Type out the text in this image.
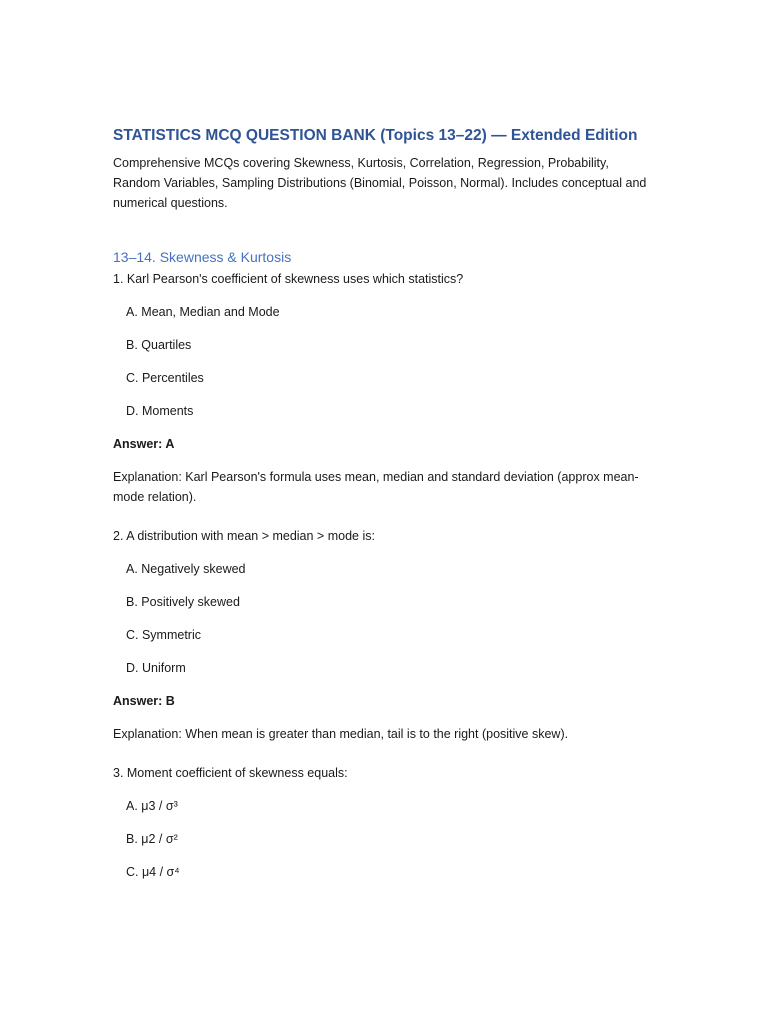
STATISTICS MCQ QUESTION BANK (Topics 13–22) — Extended Edition

Comprehensive MCQs covering Skewness, Kurtosis, Correlation, Regression, Probability, Random Variables, Sampling Distributions (Binomial, Poisson, Normal). Includes conceptual and numerical questions.

13–14. Skewness & Kurtosis

1. Karl Pearson's coefficient of skewness uses which statistics?

A. Mean, Median and Mode
B. Quartiles
C. Percentiles
D. Moments

Answer: A

Explanation: Karl Pearson's formula uses mean, median and standard deviation (approx mean-mode relation).

2. A distribution with mean > median > mode is:

A. Negatively skewed
B. Positively skewed
C. Symmetric
D. Uniform

Answer: B

Explanation: When mean is greater than median, tail is to the right (positive skew).

3. Moment coefficient of skewness equals:

A. μ3 / σ³
B. μ2 / σ²
C. μ4 / σ⁴
